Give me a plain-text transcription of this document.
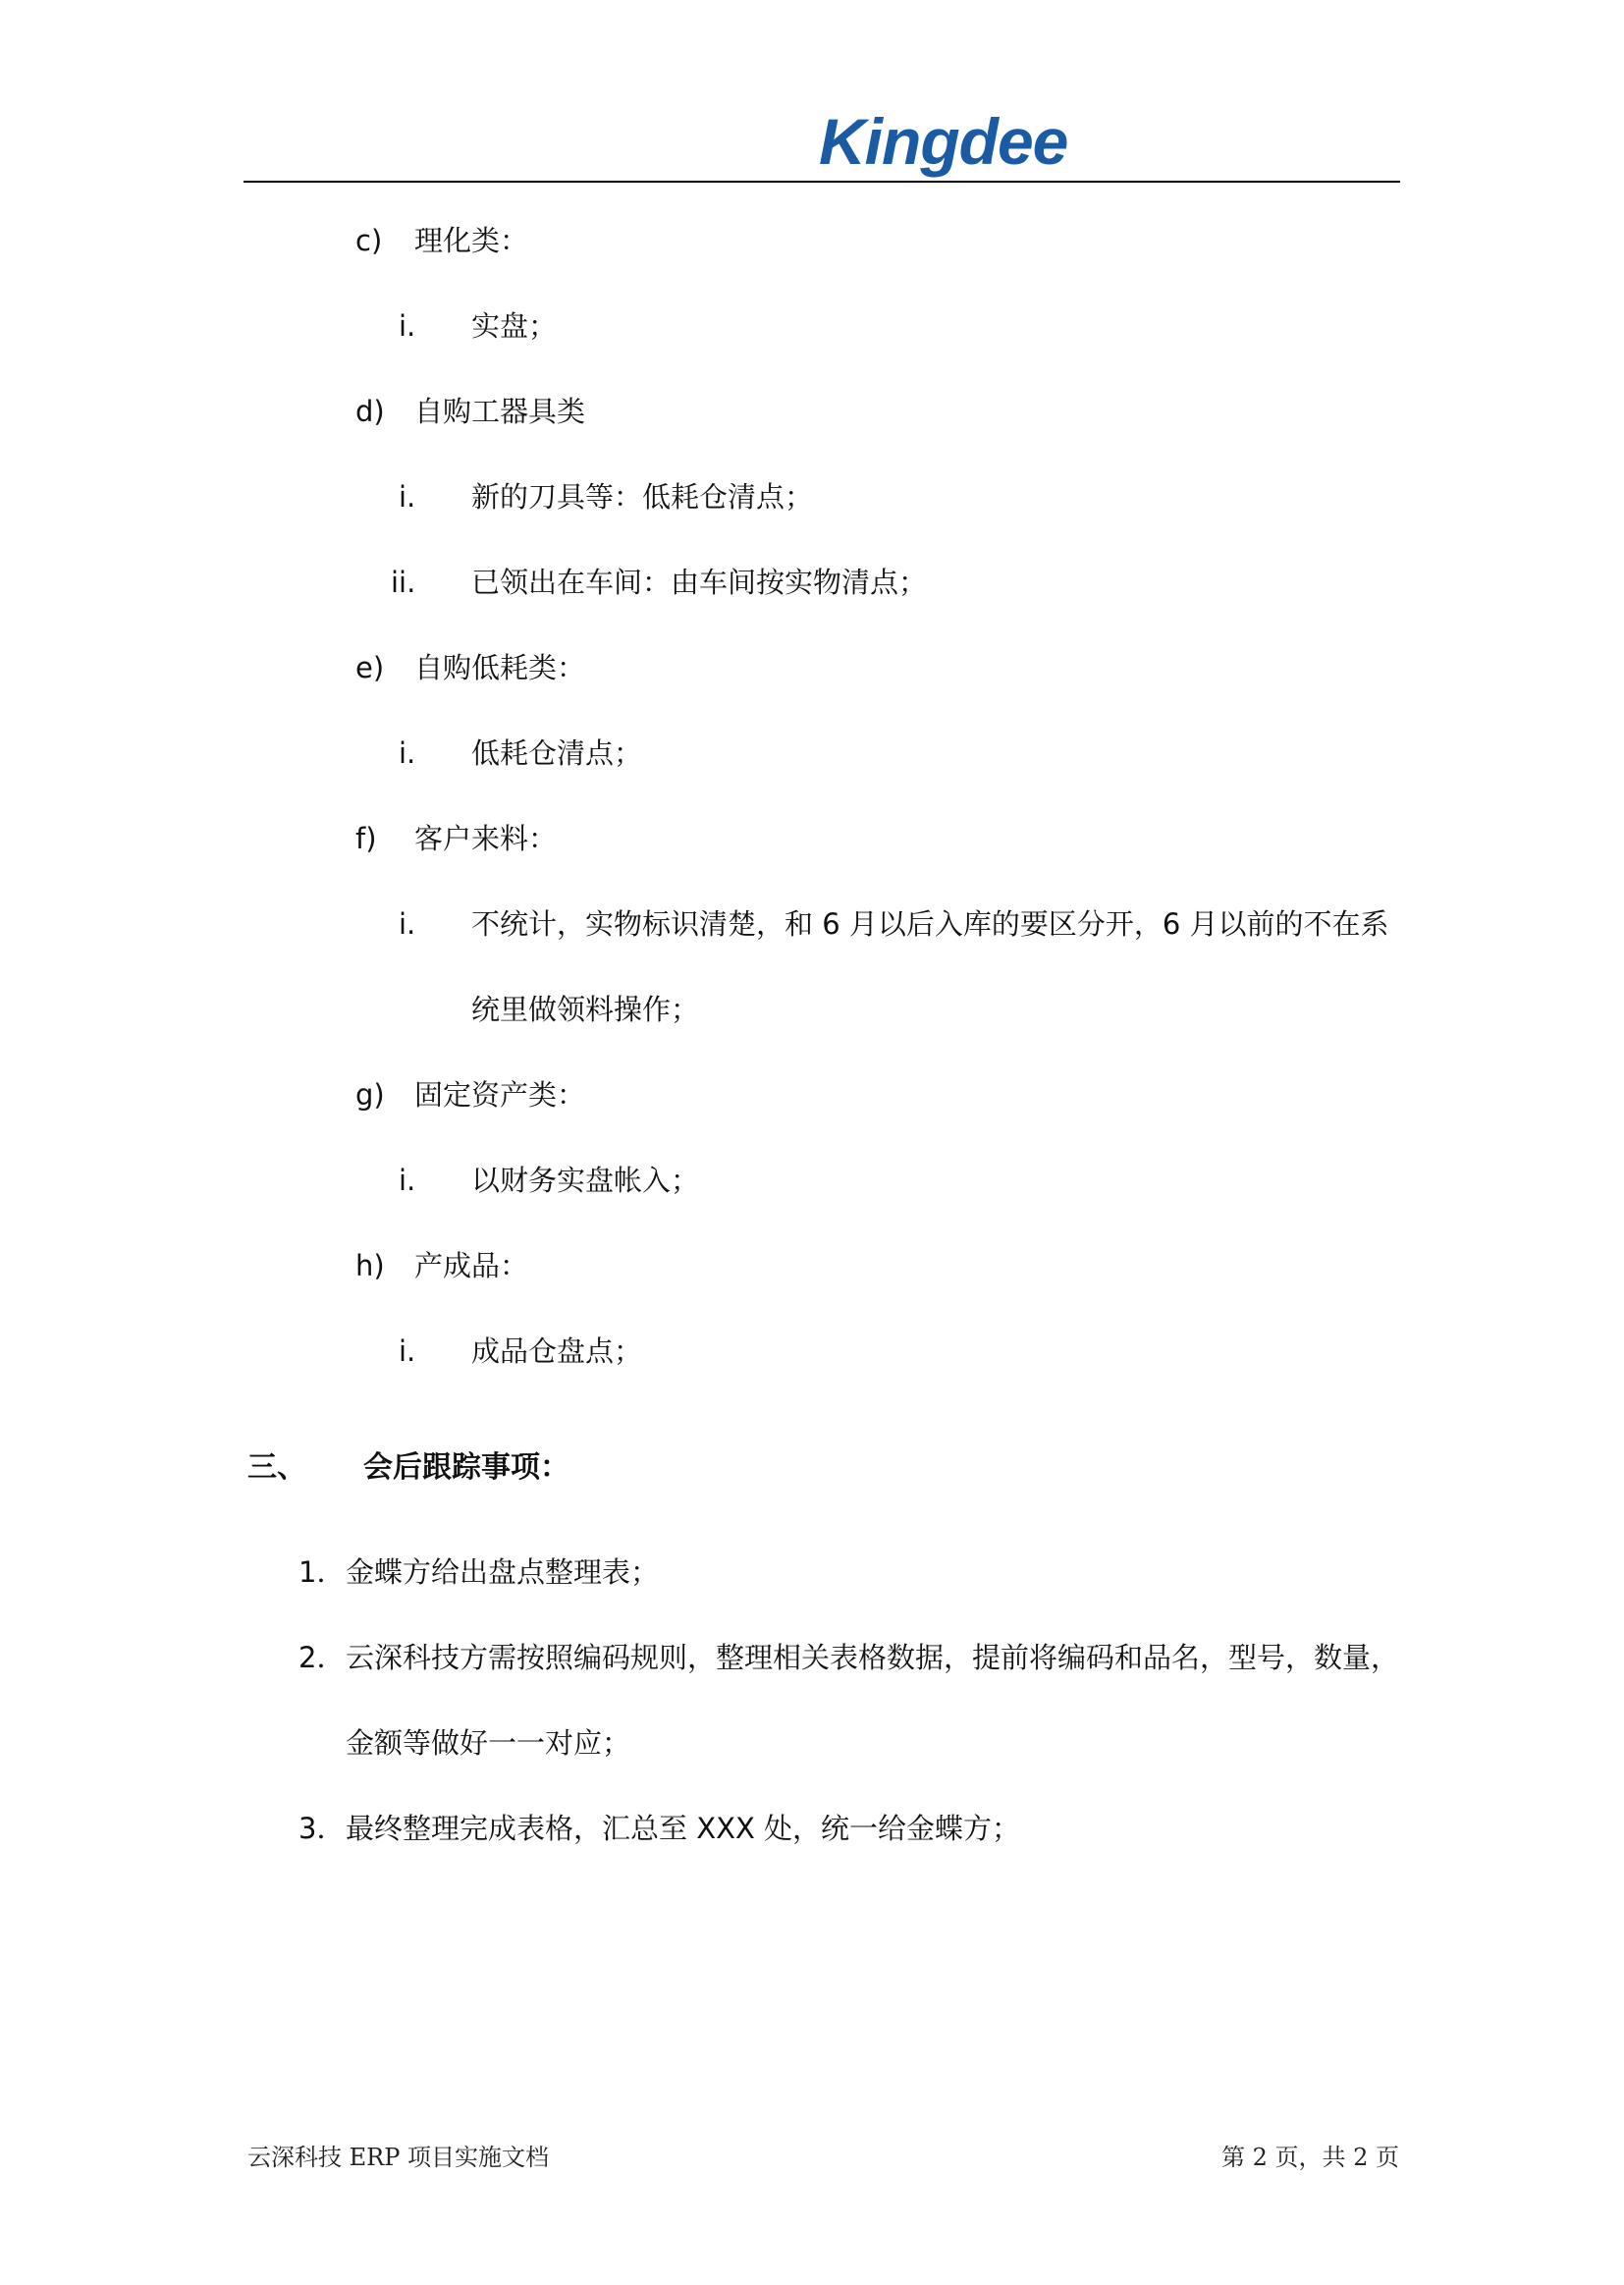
Kingdee
c) 理化类：
i. 实盘；
d) 自购工器具类
i. 新的刀具等：低耗仓清点；
ii. 已领出在车间：由车间按实物清点；
e) 自购低耗类：
i. 低耗仓清点；
f) 客户来料：
i. 不统计，实物标识清楚，和 6 月以后入库的要区分开，6 月以前的不在系
统里做领料操作；
g) 固定资产类：
i. 以财务实盘帐入；
h) 产成品：
i. 成品仓盘点；
三、 会后跟踪事项：
1． 金蝶方给出盘点整理表；
2． 云深科技方需按照编码规则，整理相关表格数据，提前将编码和品名，型号，数量，
金额等做好一一对应；
3． 最终整理完成表格，汇总至 XXX 处，统一给金蝶方；
云深科技 ERP 项目实施文档	第 2 页，共 2 页
